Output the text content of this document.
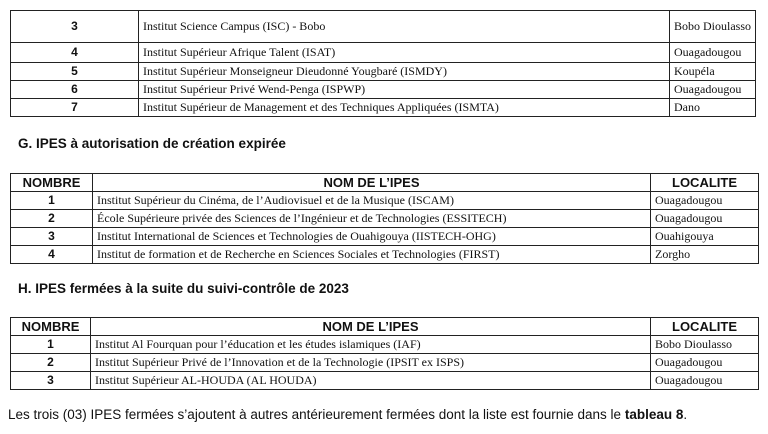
3	Institut Science Campus (ISC) - Bobo	Bobo Dioulasso
4	Institut Supérieur Afrique Talent (ISAT)	Ouagadougou
5	Institut Supérieur Monseigneur Dieudonné Yougbaré (ISMDY)	Koupéla
6	Institut Supérieur Privé Wend-Penga (ISPWP)	Ouagadougou
7	Institut Supérieur de Management et des Techniques Appliquées (ISMTA)	Dano

G. IPES à autorisation de création expirée

NOMBRE	NOM DE L’IPES	LOCALITE
1	Institut Supérieur du Cinéma, de l’Audiovisuel et de la Musique (ISCAM)	Ouagadougou
2	École Supérieure privée des Sciences de l’Ingénieur et de Technologies (ESSITECH)	Ouagadougou
3	Institut International de Sciences et Technologies de Ouahigouya (IISTECH-OHG)	Ouahigouya
4	Institut de formation et de Recherche en Sciences Sociales et Technologies (FIRST)	Zorgho

H. IPES fermées à la suite du suivi-contrôle de 2023

NOMBRE	NOM DE L’IPES	LOCALITE
1	Institut Al Fourquan pour l’éducation et les études islamiques (IAF)	Bobo Dioulasso
2	Institut Supérieur Privé de l’Innovation et de la Technologie (IPSIT ex ISPS)	Ouagadougou
3	Institut Supérieur AL-HOUDA (AL HOUDA)	Ouagadougou

Les trois (03) IPES fermées s’ajoutent à autres antérieurement fermées dont la liste est fournie dans le tableau 8.
